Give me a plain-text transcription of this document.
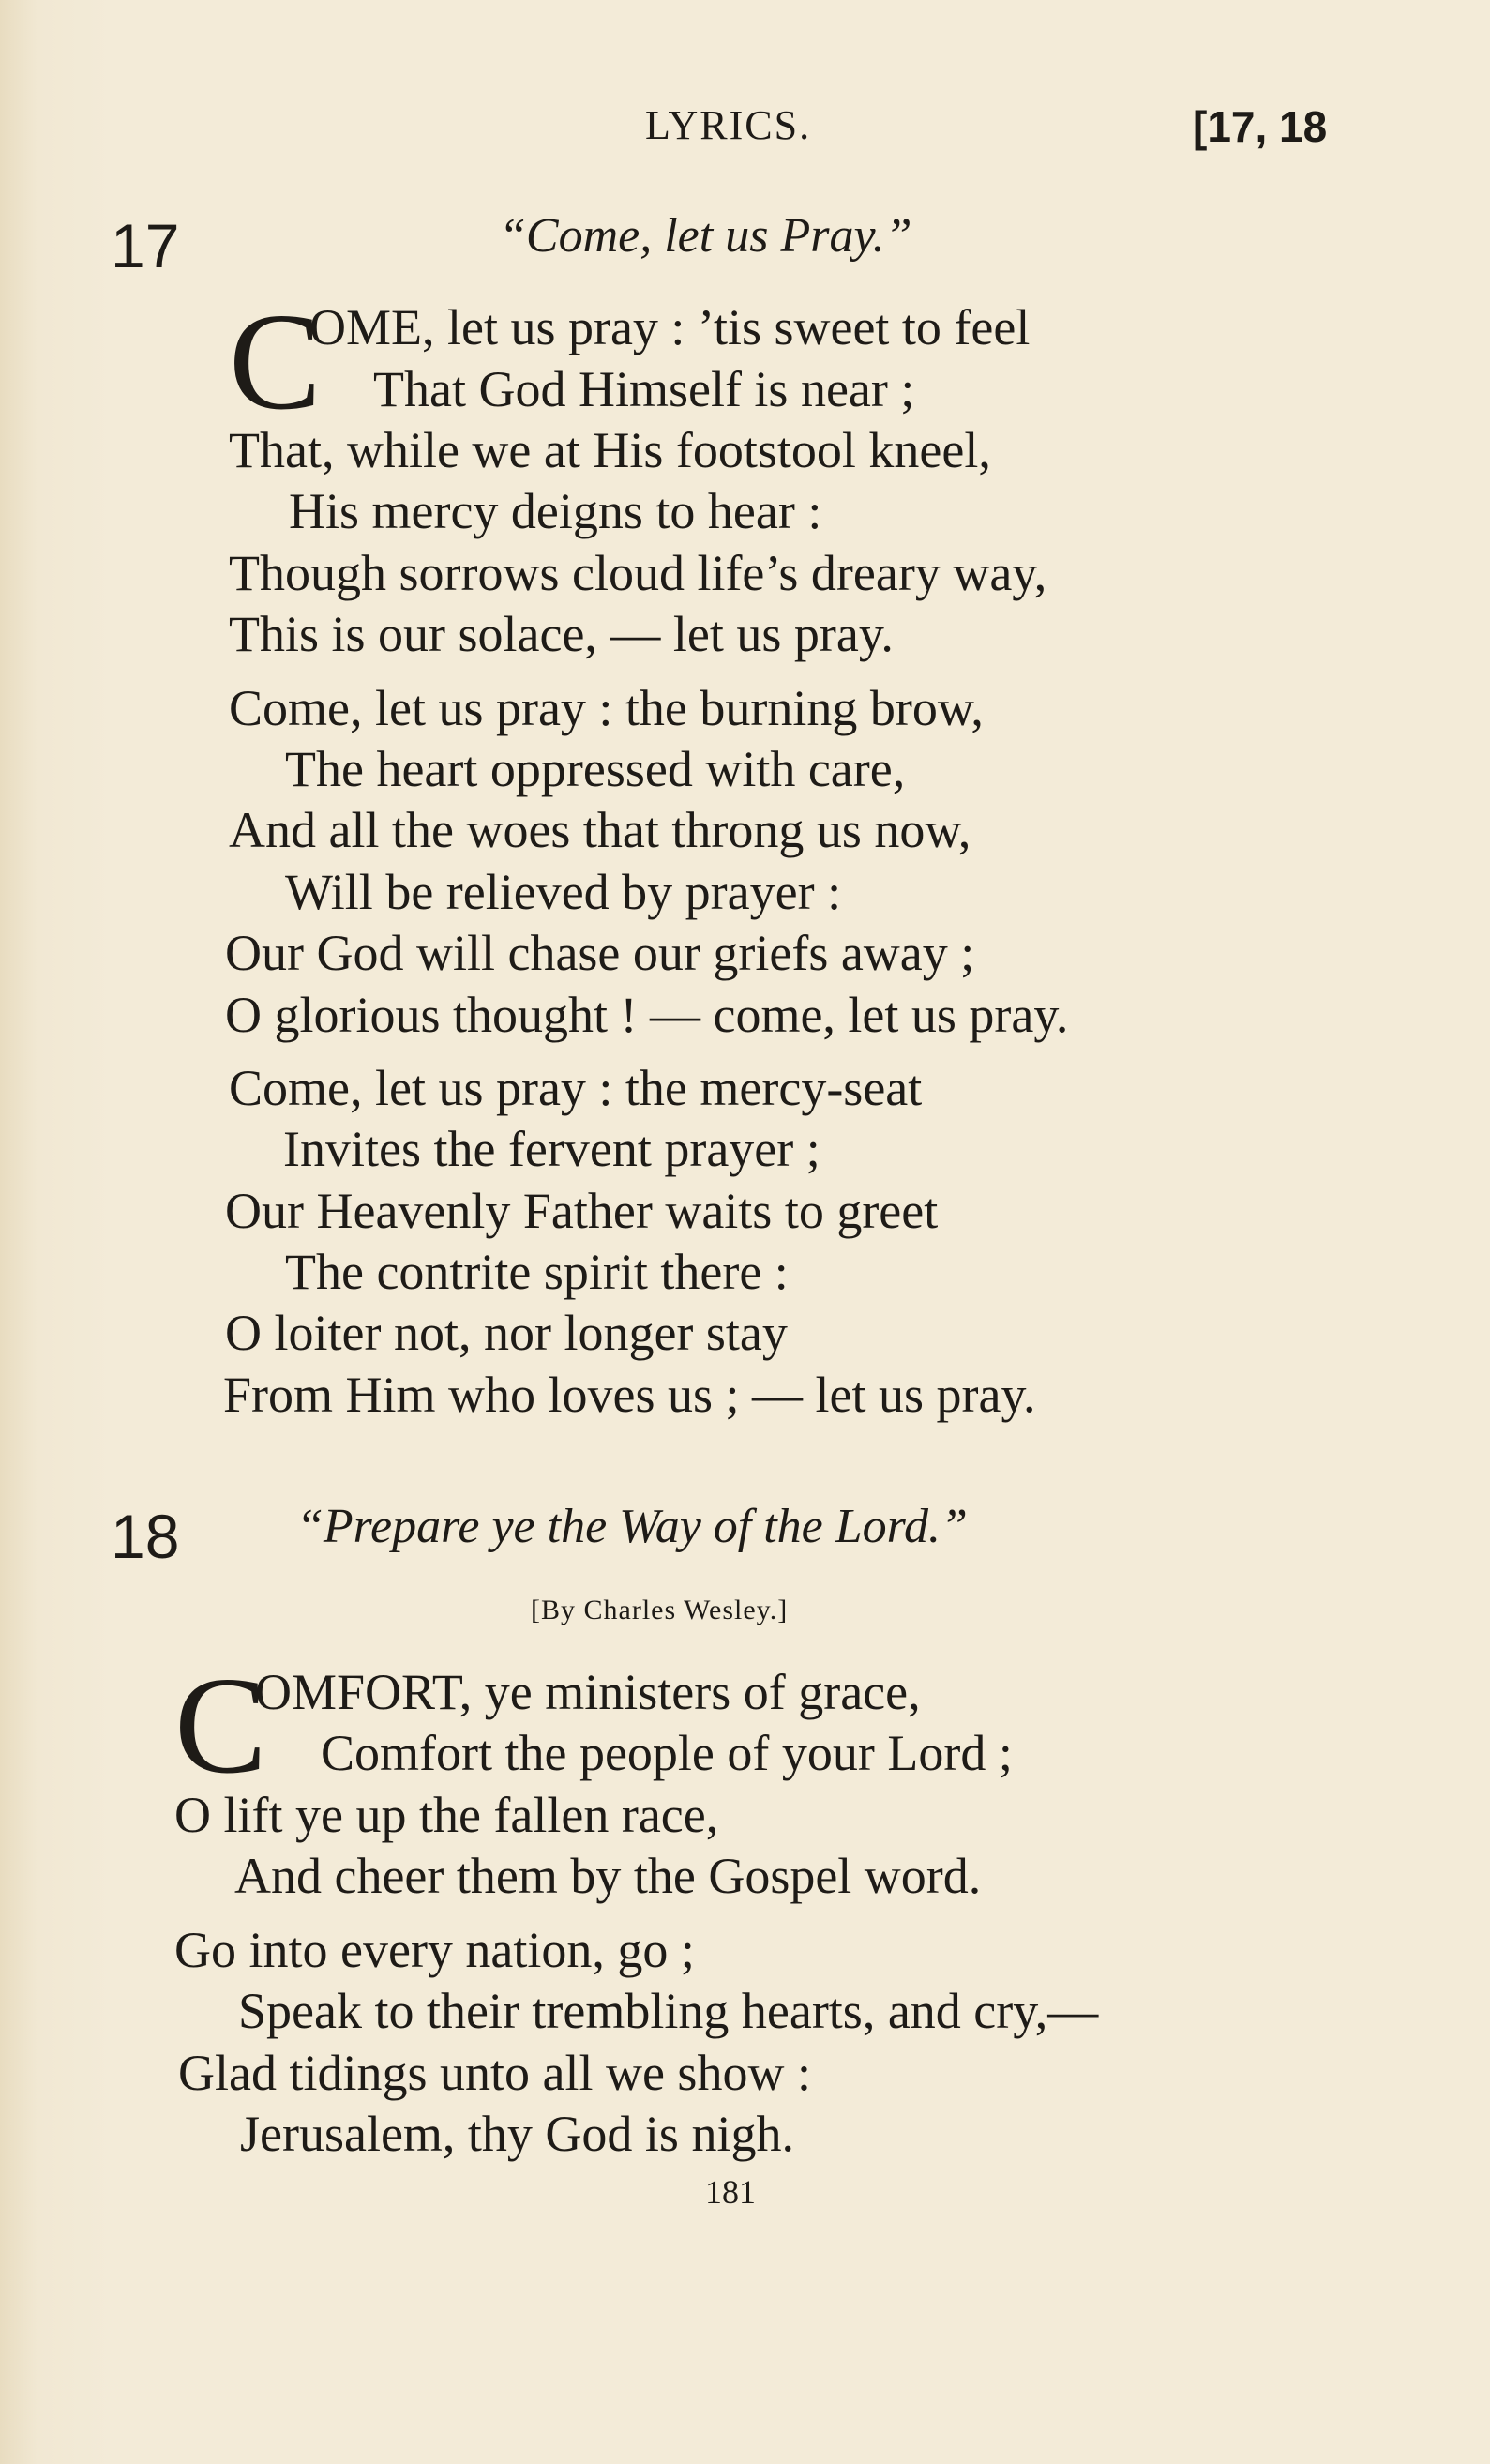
LYRICS.	[17, 18
17	“Come, let us Pray.”
C
OME, let us pray : ’tis sweet to feel
That God Himself is near ;
That, while we at His footstool kneel,
His mercy deigns to hear :
Though sorrows cloud life’s dreary way,
This is our solace, — let us pray.
Come, let us pray : the burning brow,
The heart oppressed with care,
And all the woes that throng us now,
Will be relieved by prayer :
Our God will chase our griefs away ;
O glorious thought ! — come, let us pray.
Come, let us pray : the mercy-seat
Invites the fervent prayer ;
Our Heavenly Father waits to greet
The contrite spirit there :
O loiter not, nor longer stay
From Him who loves us ; — let us pray.
18 “Prepare ye the Way of the Lord.”
[By Charles Wesley.]
C
OMFORT, ye ministers of grace,
Comfort the people of your Lord ;
O lift ye up the fallen race,
And cheer them by the Gospel word.
Go into every nation, go ;
Speak to their trembling hearts, and cry,—
Glad tidings unto all we show :
Jerusalem, thy God is nigh.
181
